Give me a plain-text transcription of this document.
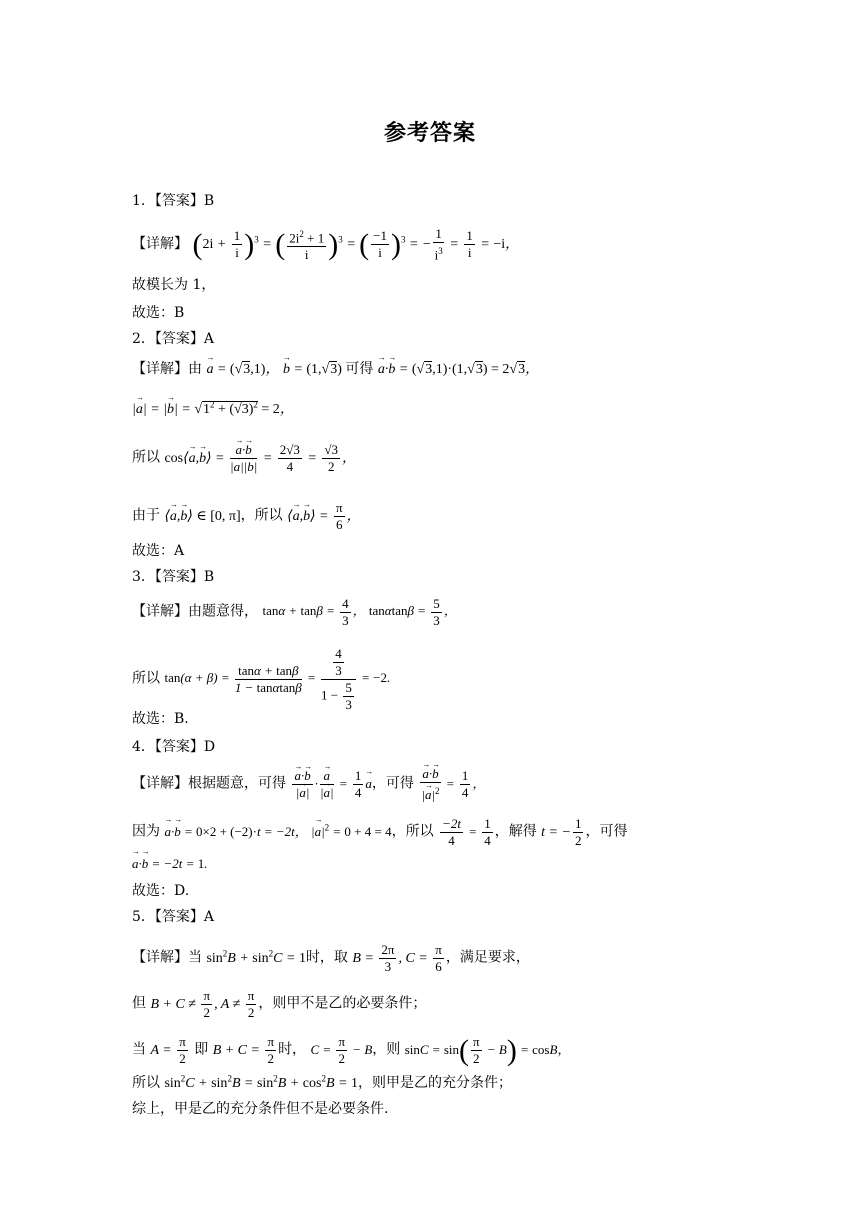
参考答案
1．【答案】B
【详解】 $(2i + \frac{1}{i} )^3$ = ( $\frac{2i^2 + 1}{i} )^3$ = ( $\frac{-1}{i} )^3$ = − $\frac{1}{i^3} = \frac{1}{i} = -i$，
故模长为 1，
故选：B
2．【答案】A
【详解】由 → a = (√3,1)， → b = (1,√3) 可得 → a·→ b = (√3,1)·(1,√3) = 2√3，
|→ a| = |→ $b| = √1^2 + (√3)^2 = 2$，
所以 cos⟨→ a,→ b⟩ =
→ $\frac{a\cdot\to b}{|\to a||\to b|} = \frac{2√3}{4} = \frac{√3}{2}$ ，
由于 ⟨→ a,→ b⟩ ∈ [0, π]，所以 ⟨→ a,→ b⟩ = $\frac{\pi}{6}$ ，
故选：A
3．【答案】B
【详解】由题意得， $\tan\alpha + \tan\beta = \frac{4}{3}$ ， $\tan\alpha\tan\beta = \frac{5}{3}$ ，
所以 $\tan(\alpha + \beta) = \frac{\tan\alpha + \tan\beta}{1 - \tan\alpha\tan\beta} = \frac{\frac{4}{3}}{1 - \frac{5}{3}} = -2$.
故选：B.
4．【答案】D
【详解】根据题意，可得
→ $\frac{a\cdot\to b}{|\to a|}$ ·
→ $\frac{a}{|\to a|} = \frac{1}{4}$
→ a，可得
→ $\frac{a\cdot\to b}{|\to a|^2} = \frac{1}{4}$ ，
因为 → a·→ b = 0×2 + (−2)·t = −2t， |→ $a|^2 = 0 + 4 = 4$，所以 $\frac{-2t}{4} = \frac{1}{4}$ ，解得 t = − $\frac{1}{2}$ ，可得
→ a·→ b = −2t = 1.
故选：D.
5．【答案】A
【详解】当 $\sin^2B + \sin^2C = 1$时，取 $B = \frac{2\pi}{3}$ , $C = \frac{\pi}{6}$ ，满足要求，
但 $B + C \ne \frac{\pi}{2}$ , $A \ne \frac{\pi}{2}$ ，则甲不是乙的必要条件；
当 $A = \frac{\pi}{2}$ 即 $B + C = \frac{\pi}{2}$ 时， $C = \frac{\pi}{2} - B$，则 $\sin C = \sin( \frac{\pi}{2} - B) = \cos B$，
所以 $\sin^2C + \sin^2B = \sin^2B + \cos^2B = 1$，则甲是乙的充分条件；
综上，甲是乙的充分条件但不是必要条件.
